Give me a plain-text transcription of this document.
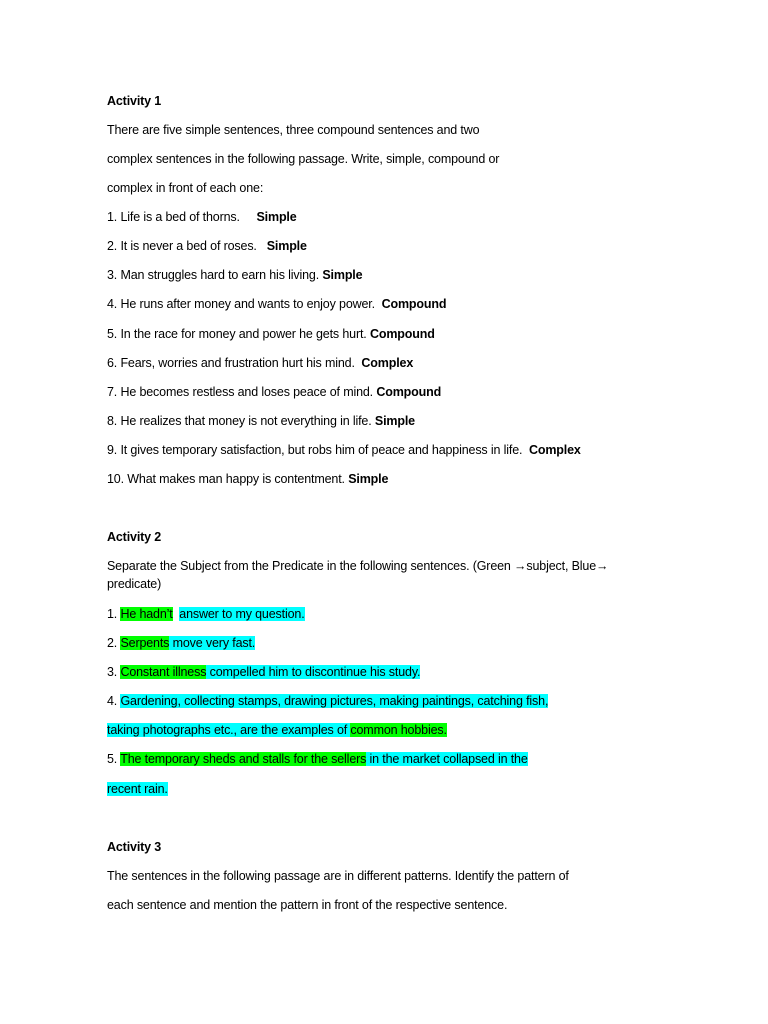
Activity 1
There are five simple sentences, three compound sentences and two
complex sentences in the following passage. Write, simple, compound or
complex in front of each one:
1. Life is a bed of thorns.     Simple
2. It is never a bed of roses.   Simple
3. Man struggles hard to earn his living. Simple
4. He runs after money and wants to enjoy power.  Compound
5. In the race for money and power he gets hurt. Compound
6. Fears, worries and frustration hurt his mind.  Complex
7. He becomes restless and loses peace of mind. Compound
8. He realizes that money is not everything in life. Simple
9. It gives temporary satisfaction, but robs him of peace and happiness in life.  Complex
10. What makes man happy is contentment. Simple
Activity 2
Separate the Subject from the Predicate in the following sentences. (Green →subject, Blue→
predicate)
1. He hadn’t answer to my question.
2. Serpents move very fast.
3. Constant illness compelled him to discontinue his study.
4. Gardening, collecting stamps, drawing pictures, making paintings, catching fish,
taking photographs etc., are the examples of common hobbies.
5. The temporary sheds and stalls for the sellers in the market collapsed in the
recent rain.
Activity 3
The sentences in the following passage are in different patterns. Identify the pattern of
each sentence and mention the pattern in front of the respective sentence.
